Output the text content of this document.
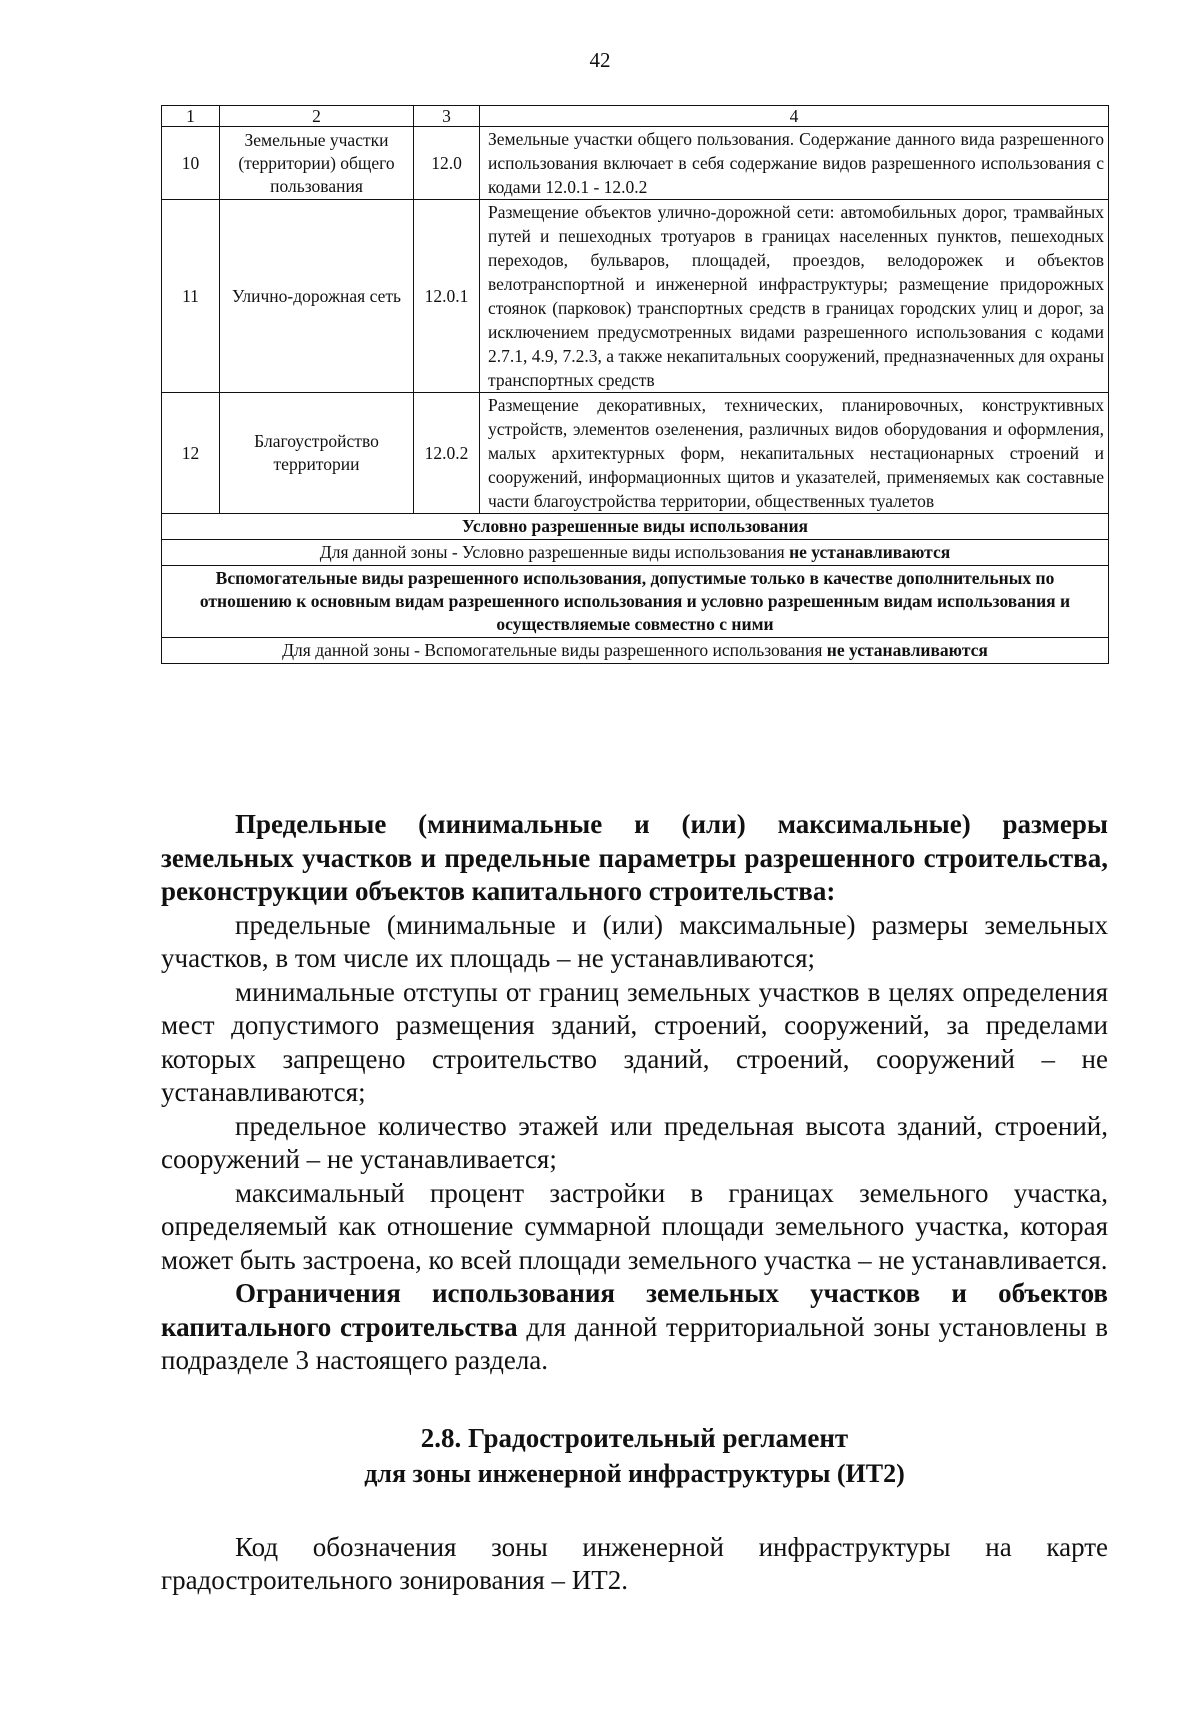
42
1	2	3	4
10	Земельные участки (территории) общего пользования	12.0	Земельные участки общего пользования. Содержание данного вида разрешенного использования включает в себя содержание видов разрешенного использования с кодами 12.0.1 - 12.0.2
11	Улично-дорожная сеть	12.0.1	Размещение объектов улично-дорожной сети: автомобильных дорог, трамвайных путей и пешеходных тротуаров в границах населенных пунктов, пешеходных переходов, бульваров, площадей, проездов, велодорожек и объектов велотранспортной и инженерной инфраструктуры; размещение придорожных стоянок (парковок) транспортных средств в границах городских улиц и дорог, за исключением предусмотренных видами разрешенного использования с кодами 2.7.1, 4.9, 7.2.3, а также некапитальных сооружений, предназначенных для охраны транспортных средств
12	Благоустройство территории	12.0.2	Размещение декоративных, технических, планировочных, конструктивных устройств, элементов озеленения, различных видов оборудования и оформления, малых архитектурных форм, некапитальных нестационарных строений и сооружений, информационных щитов и указателей, применяемых как составные части благоустройства территории, общественных туалетов
Условно разрешенные виды использования			
Для данной зоны - Условно разрешенные виды использования не устанавливаются			
Вспомогательные виды разрешенного использования, допустимые только в качестве дополнительных по отношению к основным видам разрешенного использования и условно разрешенным видам использования и осуществляемые совместно с ними			
Для данной зоны - Вспомогательные виды разрешенного использования не устанавливаются			

Предельные (минимальные и (или) максимальные) размеры земельных участков и предельные параметры разрешенного строительства, реконструкции объектов капитального строительства:

предельные (минимальные и (или) максимальные) размеры земельных участков, в том числе их площадь – не устанавливаются;

минимальные отступы от границ земельных участков в целях определения мест допустимого размещения зданий, строений, сооружений, за пределами которых запрещено строительство зданий, строений, сооружений – не устанавливаются;

предельное количество этажей или предельная высота зданий, строений, сооружений – не устанавливается;

максимальный процент застройки в границах земельного участка, определяемый как отношение суммарной площади земельного участка, которая может быть застроена, ко всей площади земельного участка – не устанавливается.

Ограничения использования земельных участков и объектов капитального строительства для данной территориальной зоны установлены в подразделе 3 настоящего раздела.

2.8. Градостроительный регламент

для зоны инженерной инфраструктуры (ИТ2)

Код обозначения зоны инженерной инфраструктуры на карте градостроительного зонирования – ИТ2.
